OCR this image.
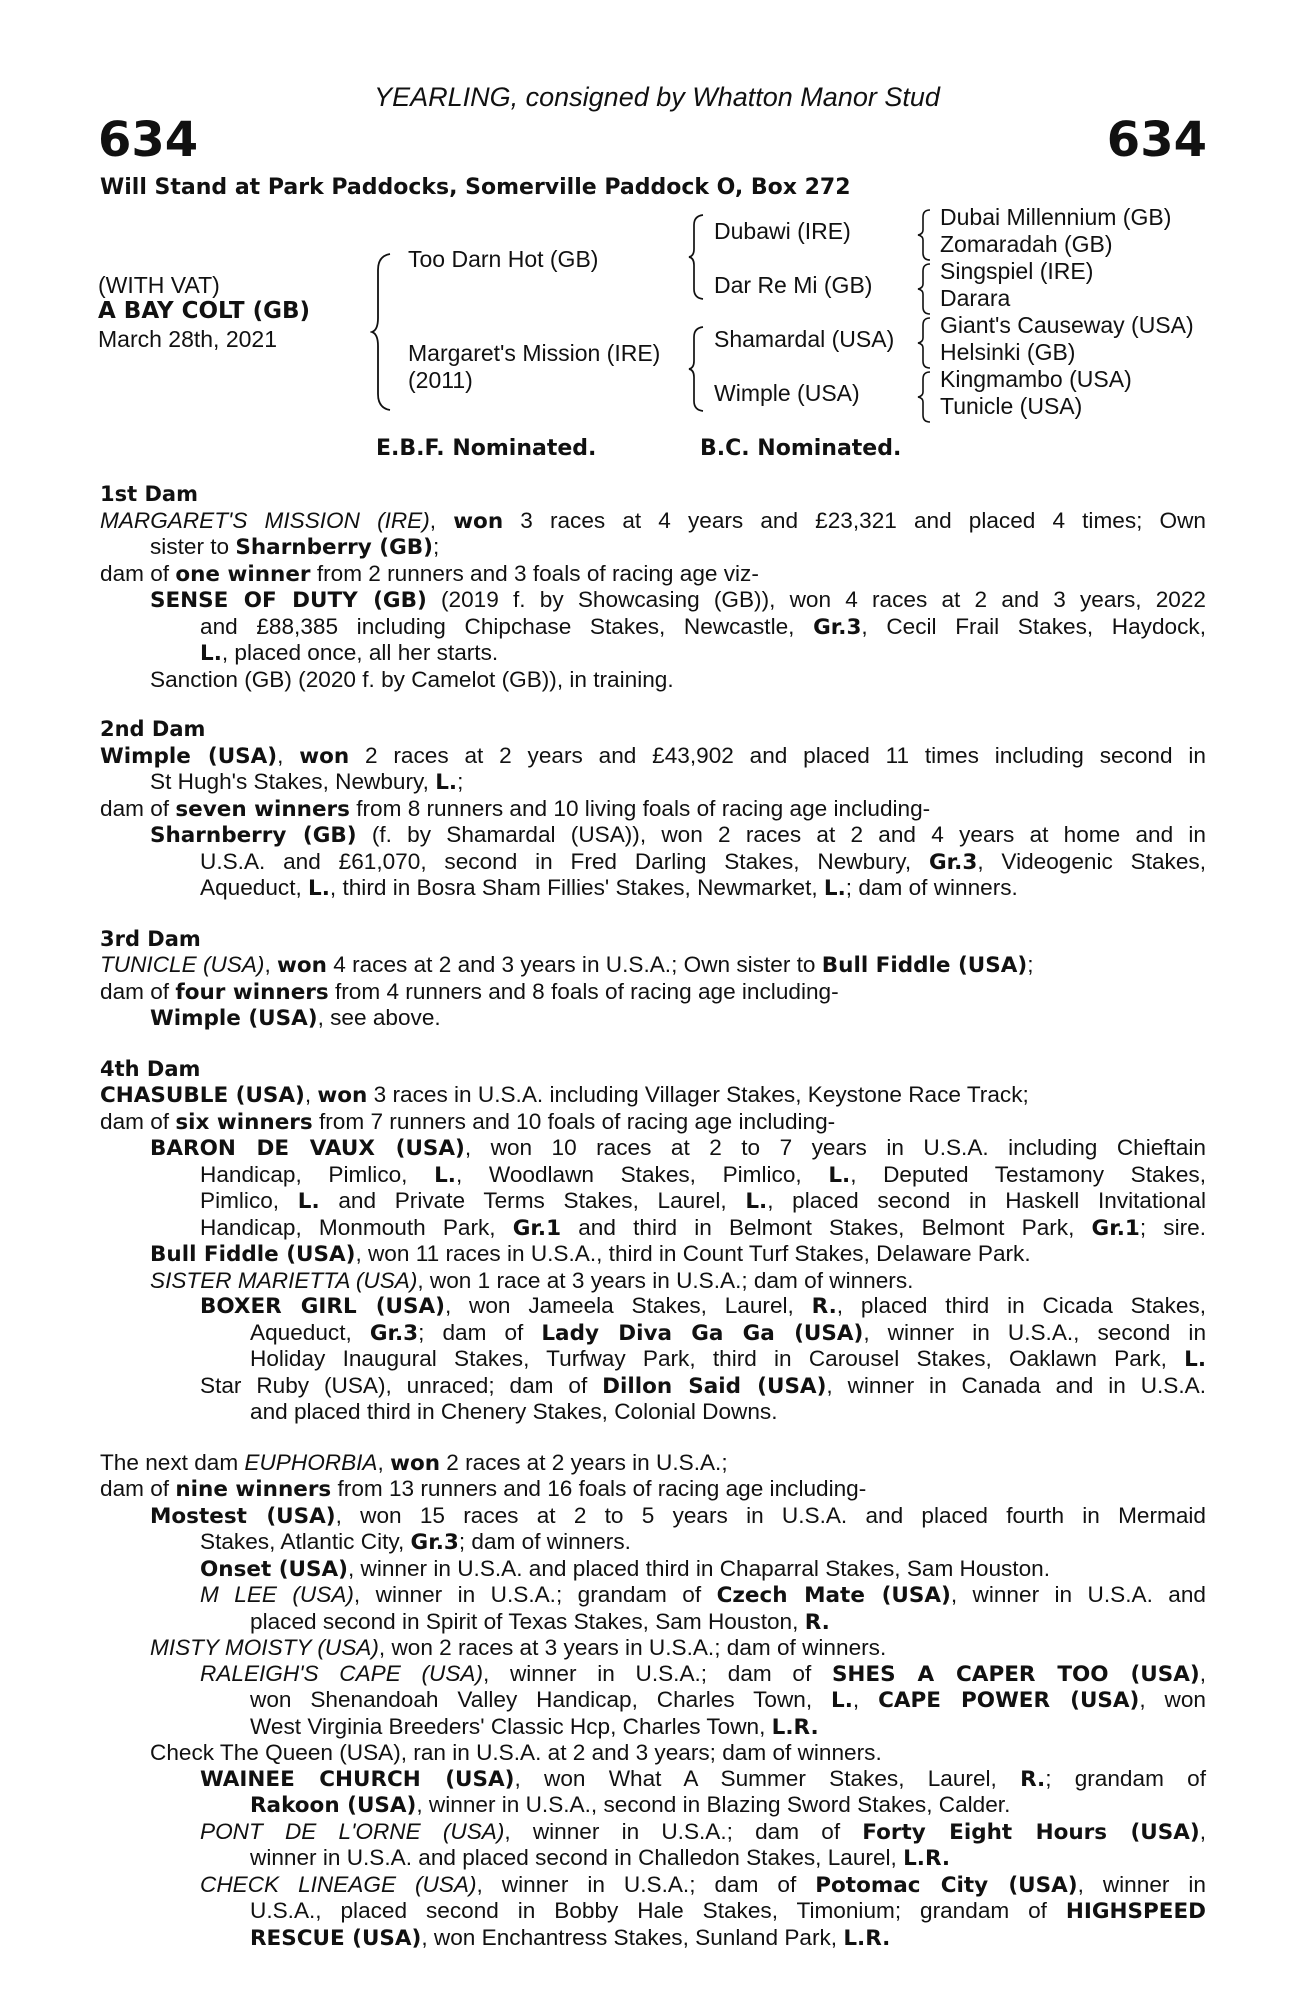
YEARLING, consigned by Whatton Manor Stud
634	634
Will Stand at Park Paddocks, Somerville Paddock O, Box 272
(WITH VAT)
A BAY COLT (GB)
March 28th, 2021
Too Darn Hot (GB)
Margaret's Mission (IRE)
(2011)
Dubawi (IRE)
Dar Re Mi (GB)
Shamardal (USA)
Wimple (USA)
Dubai Millennium (GB)
Zomaradah (GB)
Singspiel (IRE)
Darara
Giant's Causeway (USA)
Helsinki (GB)
Kingmambo (USA)
Tunicle (USA)
E.B.F. Nominated.	B.C. Nominated.
1st Dam
MARGARET'S MISSION (IRE), won 3 races at 4 years and £23,321 and placed 4 times; Own
sister to Sharnberry (GB);
dam of one winner from 2 runners and 3 foals of racing age viz-
SENSE OF DUTY (GB) (2019 f. by Showcasing (GB)), won 4 races at 2 and 3 years, 2022
and £88,385 including Chipchase Stakes, Newcastle, Gr.3, Cecil Frail Stakes, Haydock,
L., placed once, all her starts.
Sanction (GB) (2020 f. by Camelot (GB)), in training.
2nd Dam
Wimple (USA), won 2 races at 2 years and £43,902 and placed 11 times including second in
St Hugh's Stakes, Newbury, L.;
dam of seven winners from 8 runners and 10 living foals of racing age including-
Sharnberry (GB) (f. by Shamardal (USA)), won 2 races at 2 and 4 years at home and in
U.S.A. and £61,070, second in Fred Darling Stakes, Newbury, Gr.3, Videogenic Stakes,
Aqueduct, L., third in Bosra Sham Fillies' Stakes, Newmarket, L.; dam of winners.
3rd Dam
TUNICLE (USA), won 4 races at 2 and 3 years in U.S.A.; Own sister to Bull Fiddle (USA);
dam of four winners from 4 runners and 8 foals of racing age including-
Wimple (USA), see above.
4th Dam
CHASUBLE (USA), won 3 races in U.S.A. including Villager Stakes, Keystone Race Track;
dam of six winners from 7 runners and 10 foals of racing age including-
BARON DE VAUX (USA), won 10 races at 2 to 7 years in U.S.A. including Chieftain
Handicap, Pimlico, L., Woodlawn Stakes, Pimlico, L., Deputed Testamony Stakes,
Pimlico, L. and Private Terms Stakes, Laurel, L., placed second in Haskell Invitational
Handicap, Monmouth Park, Gr.1 and third in Belmont Stakes, Belmont Park, Gr.1; sire.
Bull Fiddle (USA), won 11 races in U.S.A., third in Count Turf Stakes, Delaware Park.
SISTER MARIETTA (USA), won 1 race at 3 years in U.S.A.; dam of winners.
BOXER GIRL (USA), won Jameela Stakes, Laurel, R., placed third in Cicada Stakes,
Aqueduct, Gr.3; dam of Lady Diva Ga Ga (USA), winner in U.S.A., second in
Holiday Inaugural Stakes, Turfway Park, third in Carousel Stakes, Oaklawn Park, L.
Star Ruby (USA), unraced; dam of Dillon Said (USA), winner in Canada and in U.S.A.
and placed third in Chenery Stakes, Colonial Downs.
The next dam EUPHORBIA, won 2 races at 2 years in U.S.A.;
dam of nine winners from 13 runners and 16 foals of racing age including-
Mostest (USA), won 15 races at 2 to 5 years in U.S.A. and placed fourth in Mermaid
Stakes, Atlantic City, Gr.3; dam of winners.
Onset (USA), winner in U.S.A. and placed third in Chaparral Stakes, Sam Houston.
M LEE (USA), winner in U.S.A.; grandam of Czech Mate (USA), winner in U.S.A. and
placed second in Spirit of Texas Stakes, Sam Houston, R.
MISTY MOISTY (USA), won 2 races at 3 years in U.S.A.; dam of winners.
RALEIGH'S CAPE (USA), winner in U.S.A.; dam of SHES A CAPER TOO (USA),
won Shenandoah Valley Handicap, Charles Town, L., CAPE POWER (USA), won
West Virginia Breeders' Classic Hcp, Charles Town, L.R.
Check The Queen (USA), ran in U.S.A. at 2 and 3 years; dam of winners.
WAINEE CHURCH (USA), won What A Summer Stakes, Laurel, R.; grandam of
Rakoon (USA), winner in U.S.A., second in Blazing Sword Stakes, Calder.
PONT DE L'ORNE (USA), winner in U.S.A.; dam of Forty Eight Hours (USA),
winner in U.S.A. and placed second in Challedon Stakes, Laurel, L.R.
CHECK LINEAGE (USA), winner in U.S.A.; dam of Potomac City (USA), winner in
U.S.A., placed second in Bobby Hale Stakes, Timonium; grandam of HIGHSPEED
RESCUE (USA), won Enchantress Stakes, Sunland Park, L.R.
